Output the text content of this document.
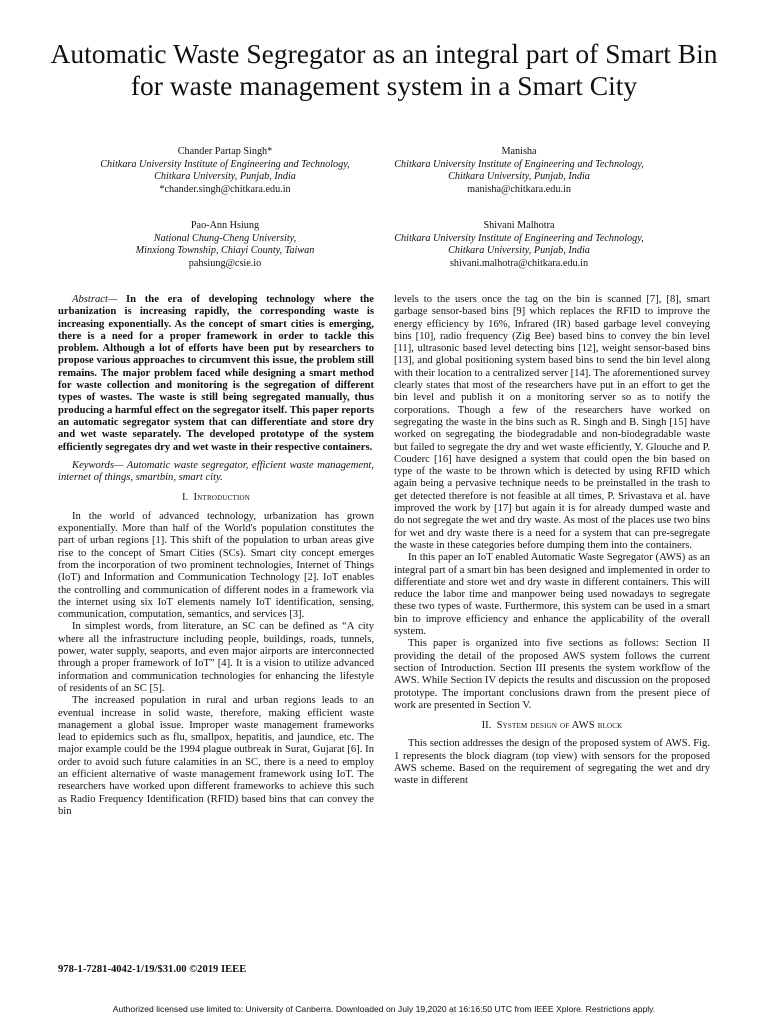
Automatic Waste Segregator as an integral part of Smart Bin for waste management system in a Smart City
Chander Partap Singh*
Chitkara University Institute of Engineering and Technology,
Chitkara University, Punjab, India
*chander.singh@chitkara.edu.in
Manisha
Chitkara University Institute of Engineering and Technology,
Chitkara University, Punjab, India
manisha@chitkara.edu.in
Pao-Ann Hsiung
National Chung-Cheng University,
Minxiong Township, Chiayi County, Taiwan
pahsiung@csie.io
Shivani Malhotra
Chitkara University Institute of Engineering and Technology,
Chitkara University, Punjab, India
shivani.malhotra@chitkara.edu.in

Abstract— In the era of developing technology where the urbanization is increasing rapidly, the corresponding waste is increasing exponentially. As the concept of smart cities is emerging, there is a need for a proper framework in order to tackle this problem. Although a lot of efforts have been put by researchers to propose various approaches to circumvent this issue, the problem still remains. The major problem faced while designing a smart method for waste collection and monitoring is the segregation of different types of wastes. The waste is still being segregated manually, thus producing a harmful effect on the segregator itself. This paper reports an automatic segregator system that can differentiate and store dry and wet waste separately. The developed prototype of the system efficiently segregates dry and wet waste in their respective containers.

Keywords— Automatic waste segregator, efficient waste management, internet of things, smartbin, smart city.

I. Introduction

In the world of advanced technology, urbanization has grown exponentially. More than half of the World's population constitutes the part of urban regions [1]. This shift of the population to urban areas give rise to the concept of Smart Cities (SCs). Smart city concept emerges from the incorporation of two prominent technologies, Internet of Things (IoT) and Information and Communication Technology [2]. IoT enables the controlling and communication of different nodes in a framework via the internet using six IoT elements namely IoT identification, sensing, communication, computation, semantics, and services [3].

In simplest words, from literature, an SC can be defined as “A city where all the infrastructure including people, buildings, roads, tunnels, power, water supply, seaports, and even major airports are interconnected through a proper framework of IoT” [4]. It is a vision to utilize advanced information and communication technologies for enhancing the lifestyle of residents of an SC [5].

The increased population in rural and urban regions leads to an eventual increase in solid waste, therefore, making efficient waste management a global issue. Improper waste management frameworks lead to epidemics such as flu, smallpox, hepatitis, and jaundice, etc. The major example could be the 1994 plague outbreak in Surat, Gujarat [6]. In order to avoid such future calamities in an SC, there is a need to employ an efficient alternative of waste management framework using IoT. The researchers have worked upon different frameworks to achieve this such as Radio Frequency Identification (RFID) based bins that can convey the bin

levels to the users once the tag on the bin is scanned [7], [8], smart garbage sensor-based bins [9] which replaces the RFID to improve the energy efficiency by 16%, Infrared (IR) based garbage level conveying bins [10], radio frequency (Zig Bee) based bins to convey the bin level [11], ultrasonic based level detecting bins [12], weight sensor-based bins [13], and global positioning system based bins to send the bin level along with their location to a centralized server [14]. The aforementioned survey clearly states that most of the researchers have put in an effort to get the bin level and publish it on a monitoring server so as to notify the corporations. Though a few of the researchers have worked on segregating the waste in the bins such as R. Singh and B. Singh [15] have worked on segregating the biodegradable and non-biodegradable waste but failed to segregate the dry and wet waste efficiently, Y. Glouche and P. Couderc [16] have designed a system that could open the bin based on type of the waste to be thrown which is detected by using RFID which again being a pervasive technique needs to be preinstalled in the trash to get detected therefore is not feasible at all times, P. Srivastava et al. have improved the work by [17] but again it is for already dumped waste and do not segregate the wet and dry waste. As most of the places use two bins for wet and dry waste there is a need for a system that can pre-segregate the waste in these categories before dumping them into the containers.

In this paper an IoT enabled Automatic Waste Segregator (AWS) as an integral part of a smart bin has been designed and implemented in order to differentiate and store wet and dry waste in different containers. This will reduce the labor time and manpower being used nowadays to segregate these two types of waste. Furthermore, this system can be used in a smart bin to improve efficiency and enhance the applicability of the overall system.

This paper is organized into five sections as follows: Section II providing the detail of the proposed AWS system follows the current section of Introduction. Section III presents the system workflow of the AWS. While Section IV depicts the results and discussion on the proposed prototype. The important conclusions drawn from the present piece of work are presented in Section V.

II. System design of AWS block

This section addresses the design of the proposed system of AWS. Fig. 1 represents the block diagram (top view) with sensors for the proposed AWS scheme. Based on the requirement of segregating the wet and dry waste in different

978-1-7281-4042-1/19/$31.00 ©2019 IEEE
Authorized licensed use limited to: University of Canberra. Downloaded on July 19,2020 at 16:16:50 UTC from IEEE Xplore. Restrictions apply.
